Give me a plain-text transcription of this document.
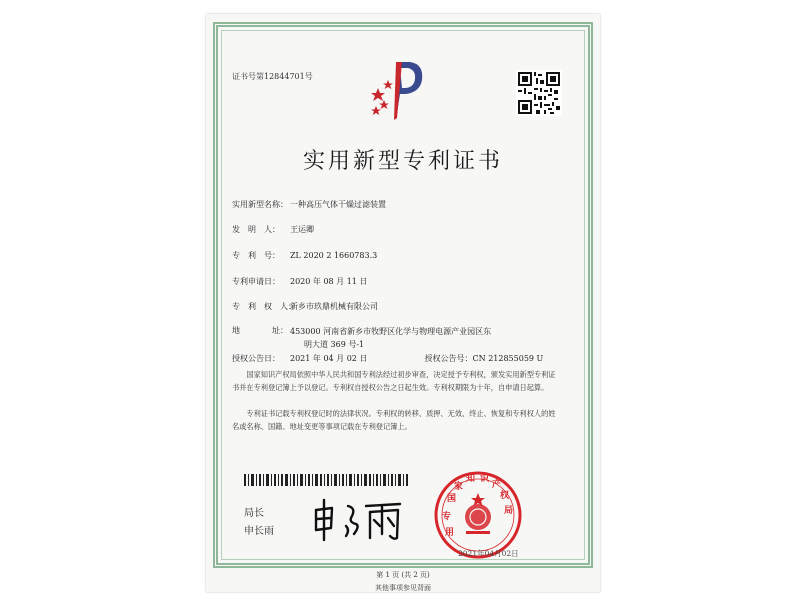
证书号第12844701号
实用新型专利证书
实用新型名称： 一种高压气体干燥过滤装置
发　明　人： 王运卿
专　利　号： ZL 2020 2 1660783.3
专利申请日： 2020 年 08 月 11 日
专　利　权　人：新乡市玖鼎机械有限公司
地　　　　址： 453000 河南省新乡市牧野区化学与物理电源产业园区东
明大道 369 号-1
授权公告日： 2021 年 04 月 02 日	授权公告号：CN 212855059 U
国家知识产权局依照中华人民共和国专利法经过初步审查，决定授予专利权，颁发实用新型专利证书并在专利登记簿上予以登记。专利权自授权公告之日起生效。专利权期限为十年，自申请日起算。
专利证书记载专利权登记时的法律状况。专利权的转移、质押、无效、终止、恢复和专利权人的姓名或名称、国籍、地址变更等事项记载在专利登记簿上。
局长
申长雨
国
家
知 识
产
权
局
专
用
2021年04月02日
第 1 页 (共 2 页)
其他事项参见背面
